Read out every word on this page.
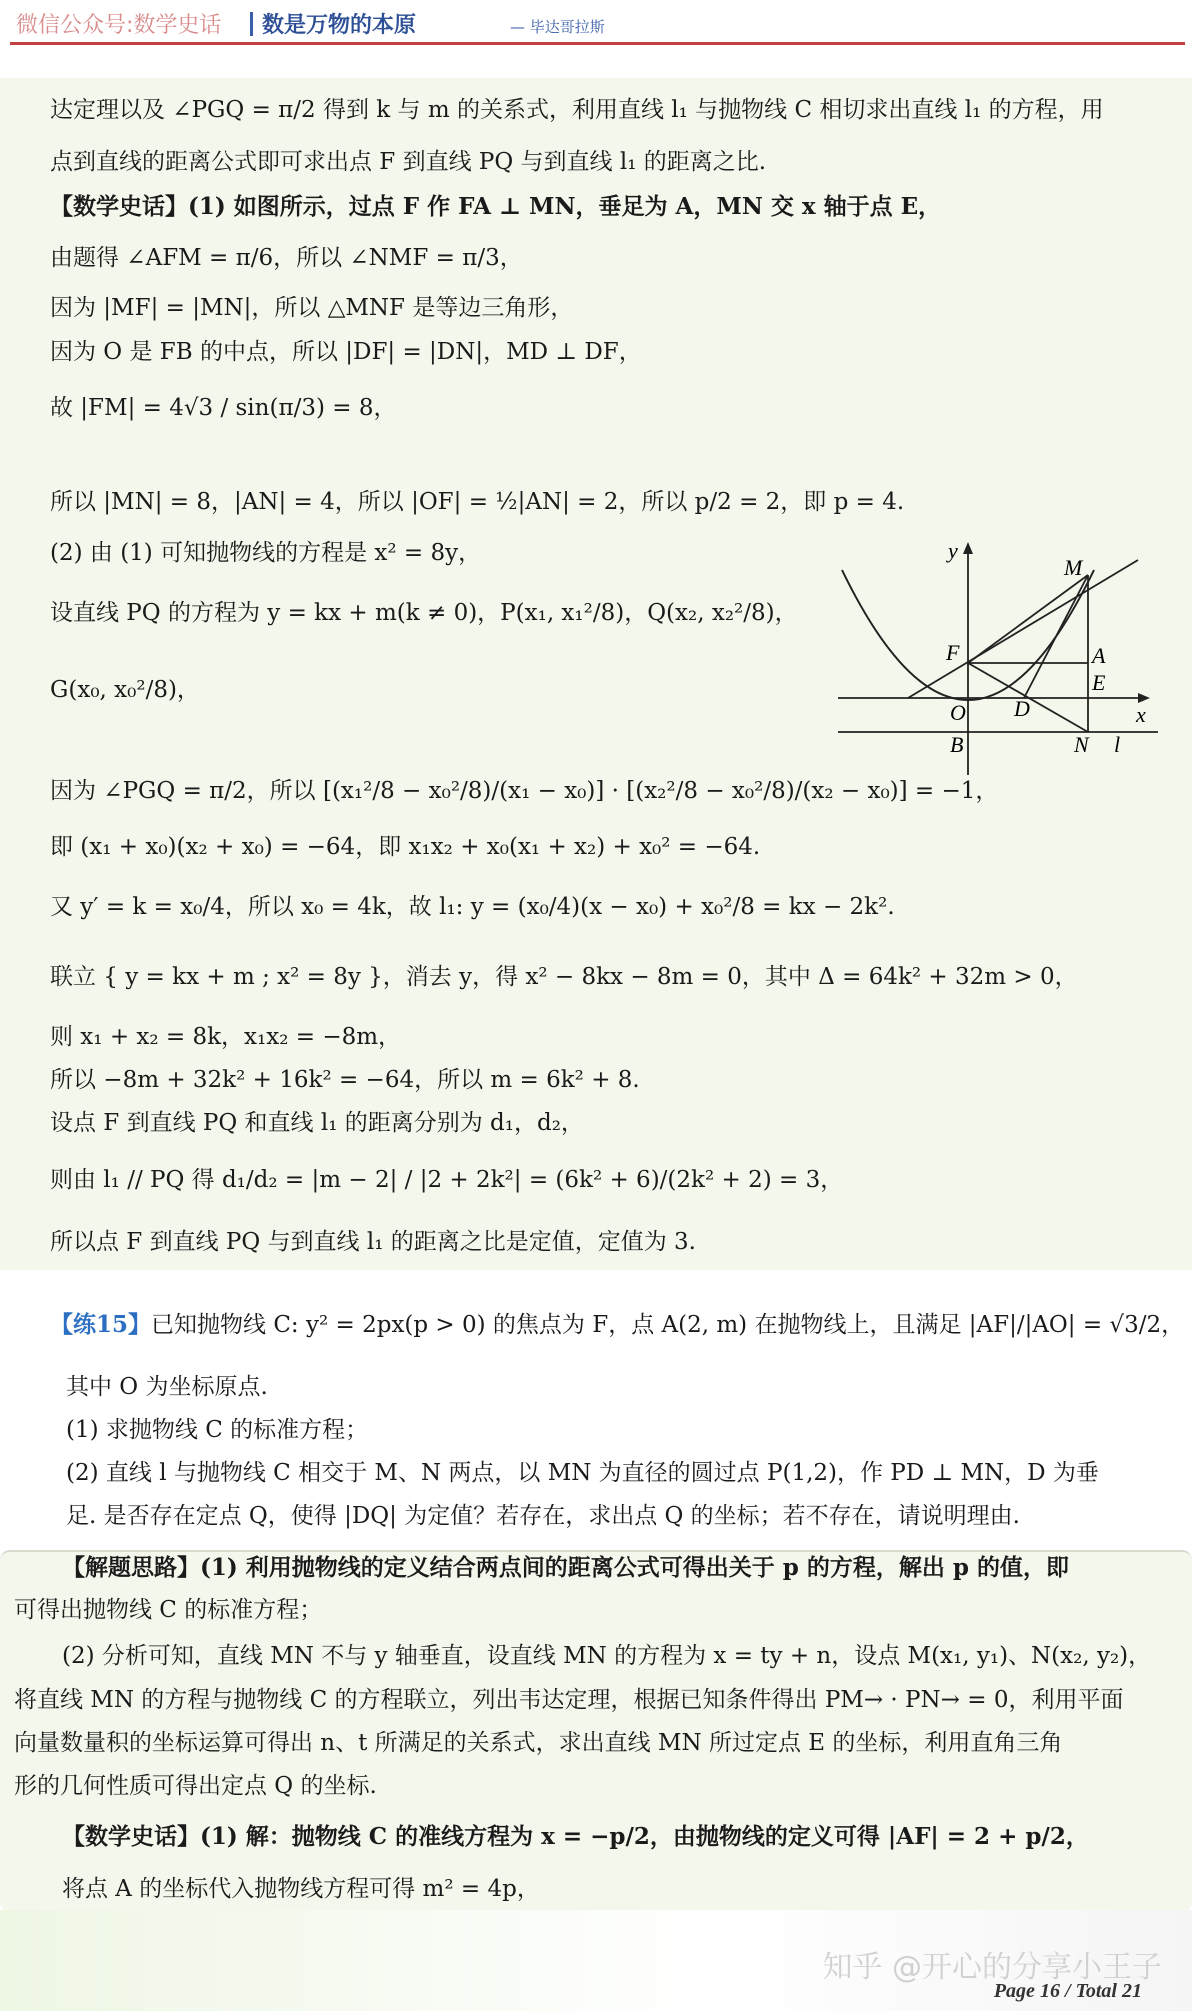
微信公众号:数学史话 数是万物的本原	— 毕达哥拉斯
达定理以及 ∠PGQ = π/2 得到 k 与 m 的关系式，利用直线 l₁ 与抛物线 C 相切求出直线 l₁ 的方程，用
点到直线的距离公式即可求出点 F 到直线 PQ 与到直线 l₁ 的距离之比.
【数学史话】(1) 如图所示，过点 F 作 FA ⊥ MN，垂足为 A，MN 交 x 轴于点 E，
由题得 ∠AFM = π/6，所以 ∠NMF = π/3，
因为 |MF| = |MN|，所以 △MNF 是等边三角形，
因为 O 是 FB 的中点，所以 |DF| = |DN|，MD ⊥ DF，
故 |FM| = 4√3 / sin(π/3) = 8，
所以 |MN| = 8，|AN| = 4，所以 |OF| = ½|AN| = 2，所以 p/2 = 2，即 p = 4.
(2) 由 (1) 可知抛物线的方程是 x² = 8y，
设直线 PQ 的方程为 y = kx + m(k ≠ 0)，P(x₁, x₁²/8)，Q(x₂, x₂²/8)，
G(x₀, x₀²/8)，
因为 ∠PGQ = π/2，所以 [(x₁²/8 − x₀²/8)/(x₁ − x₀)] · [(x₂²/8 − x₀²/8)/(x₂ − x₀)] = −1，
即 (x₁ + x₀)(x₂ + x₀) = −64，即 x₁x₂ + x₀(x₁ + x₂) + x₀² = −64.
又 y′ = k = x₀/4，所以 x₀ = 4k，故 l₁: y = (x₀/4)(x − x₀) + x₀²/8 = kx − 2k².
联立 { y = kx + m ; x² = 8y }，消去 y，得 x² − 8kx − 8m = 0，其中 Δ = 64k² + 32m > 0，
则 x₁ + x₂ = 8k，x₁x₂ = −8m，
所以 −8m + 32k² + 16k² = −64，所以 m = 6k² + 8.
设点 F 到直线 PQ 和直线 l₁ 的距离分别为 d₁，d₂，
则由 l₁ // PQ 得 d₁/d₂ = |m − 2| / |2 + 2k²| = (6k² + 6)/(2k² + 2) = 3，
所以点 F 到直线 PQ 与到直线 l₁ 的距离之比是定值，定值为 3.
y
x
M
F	A
E
O D
B	N l
【练15】已知抛物线 C: y² = 2px(p > 0) 的焦点为 F，点 A(2, m) 在抛物线上，且满足 |AF|/|AO| = √3/2，
其中 O 为坐标原点.
(1) 求抛物线 C 的标准方程；
(2) 直线 l 与抛物线 C 相交于 M、N 两点，以 MN 为直径的圆过点 P(1,2)，作 PD ⊥ MN，D 为垂
足. 是否存在定点 Q，使得 |DQ| 为定值？若存在，求出点 Q 的坐标；若不存在，请说明理由.
【解题思路】(1) 利用抛物线的定义结合两点间的距离公式可得出关于 p 的方程，解出 p 的值，即
可得出抛物线 C 的标准方程；
(2) 分析可知，直线 MN 不与 y 轴垂直，设直线 MN 的方程为 x = ty + n，设点 M(x₁, y₁)、N(x₂, y₂)，
将直线 MN 的方程与抛物线 C 的方程联立，列出韦达定理，根据已知条件得出 PM→ · PN→ = 0，利用平面
向量数量积的坐标运算可得出 n、t 所满足的关系式，求出直线 MN 所过定点 E 的坐标，利用直角三角
形的几何性质可得出定点 Q 的坐标.
【数学史话】(1) 解：抛物线 C 的准线方程为 x = −p/2，由抛物线的定义可得 |AF| = 2 + p/2，
将点 A 的坐标代入抛物线方程可得 m² = 4p，
知乎 @开心的分享小王子
Page 16 / Total 21
